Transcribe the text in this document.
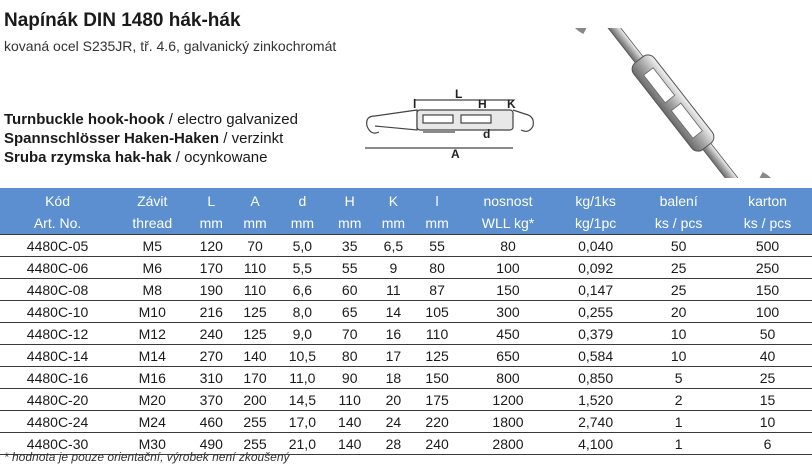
Napínák DIN 1480 hák-hák
kovaná ocel S235JR, tř. 4.6, galvanický zinkochromát
Turnbuckle hook-hook / electro galvanized
Spannschlösser Haken-Haken / verzinkt
Sruba rzymska hak-hak / ocynkowane
l
L
H K
d
A
Kód	Závit	L	A	d	H	K	l	nosnost	kg/1ks	balení	karton
Art. No.	thread	mm	mm	mm	mm	mm	mm	WLL kg*	kg/1pc	ks / pcs	ks / pcs
4480C-05	M5	120	70	5,0	35	6,5	55	80	0,040	50	500
4480C-06	M6	170	110	5,5	55	9	80	100	0,092	25	250
4480C-08	M8	190	110	6,6	60	11	87	150	0,147	25	150
4480C-10	M10	216	125	8,0	65	14	105	300	0,255	20	100
4480C-12	M12	240	125	9,0	70	16	110	450	0,379	10	50
4480C-14	M14	270	140	10,5	80	17	125	650	0,584	10	40
4480C-16	M16	310	170	11,0	90	18	150	800	0,850	5	25
4480C-20	M20	370	200	14,5	110	20	175	1200	1,520	2	15
4480C-24	M24	460	255	17,0	140	24	220	1800	2,740	1	10
4480C-30	M30	490	255	21,0	140	28	240	2800	4,100	1	6
* hodnota je pouze orientační, výrobek není zkoušený
